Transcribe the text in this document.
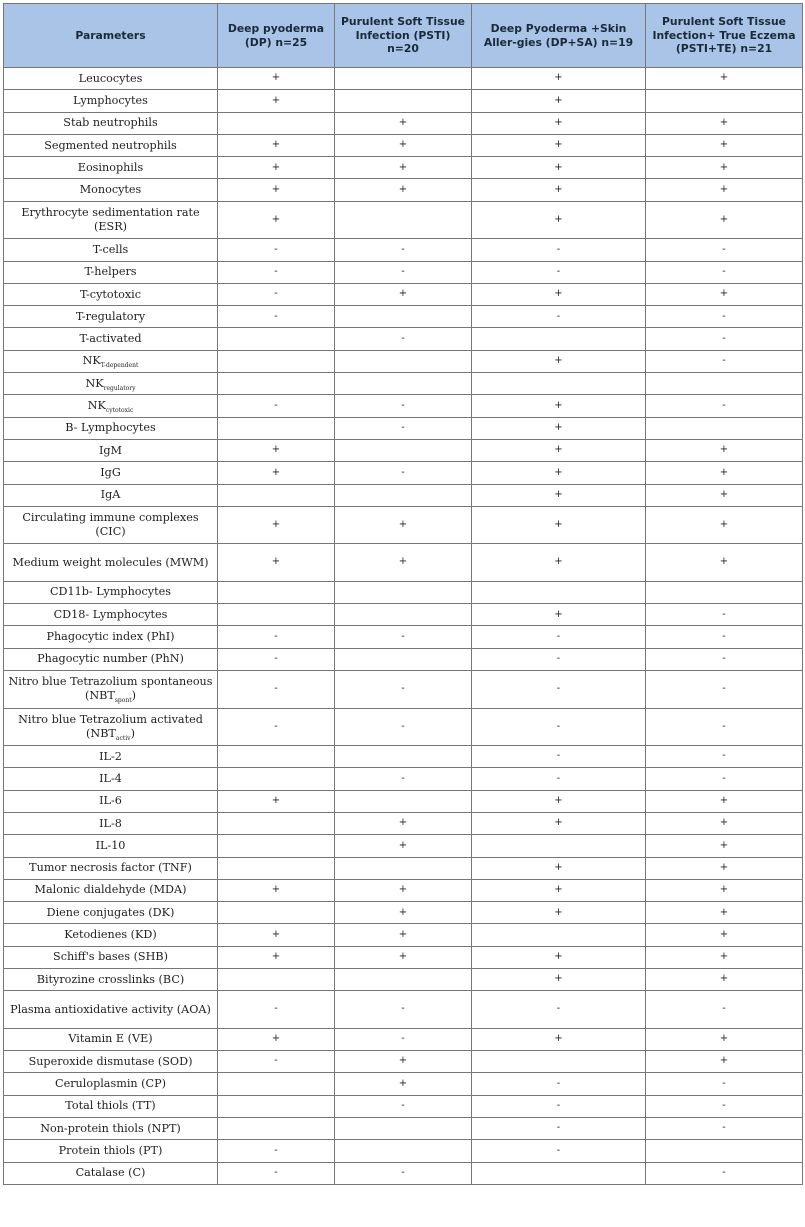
Parameters	Deep pyoderma (DP) n=25	Purulent Soft Tissue Infection (PSTI) n=20	Deep Pyoderma +Skin Aller-gies (DP+SA) n=19	Purulent Soft Tissue Infection+ True Eczema (PSTI+TE) n=21
Leucocytes	+		+	+
Lymphocytes	+		+	
Stab neutrophils		+	+	+
Segmented neutrophils	+	+	+	+
Eosinophils	+	+	+	+
Monocytes	+	+	+	+
Erythrocyte sedimentation rate (ESR)	+		+	+
T-cells	-	-	-	-
T-helpers	-	-	-	-
T-cytotoxic	-	+	+	+
T-regulatory	-		-	-
T-activated		-		-
$NK_{T-dependent}$			+	-
$NK_{regulatory}$				
$NK_{cytotoxic}$	-	-	+	-
B- Lymphocytes		-	+	
IgM	+		+	+
IgG	+	-	+	+
IgA			+	+
Circulating immune complexes (CIC)	+	+	+	+
Medium weight molecules (MWM)	+	+	+	+
CD11b- Lymphocytes				
CD18- Lymphocytes			+	-
Phagocytic index (PhI)	-	-	-	-
Phagocytic number (PhN)	-		-	-
Nitro blue Tetrazolium spontaneous $(NBT_{spont})$	-	-	-	-
Nitro blue Tetrazolium activated $(NBT_{activ})$	-	-	-	-
IL-2			-	-
IL-4		-	-	-
IL-6	+		+	+
IL-8		+	+	+
IL-10		+		+
Tumor necrosis factor (TNF)			+	+
Malonic dialdehyde (MDA)	+	+	+	+
Diene conjugates (DK)		+	+	+
Ketodienes (KD)	+	+		+
Schiff's bases (SHB)	+	+	+	+
Bityrozine crosslinks (BC)			+	+
Plasma antioxidative activity (AOA)	-	-	-	-
Vitamin E (VE)	+	-	+	+
Superoxide dismutase (SOD)	-	+		+
Ceruloplasmin (CP)		+	-	-
Total thiols (TT)		-	-	-
Non-protein thiols (NPT)			-	-
Protein thiols (PT)	-		-	
Catalase (C)	-	-		-
